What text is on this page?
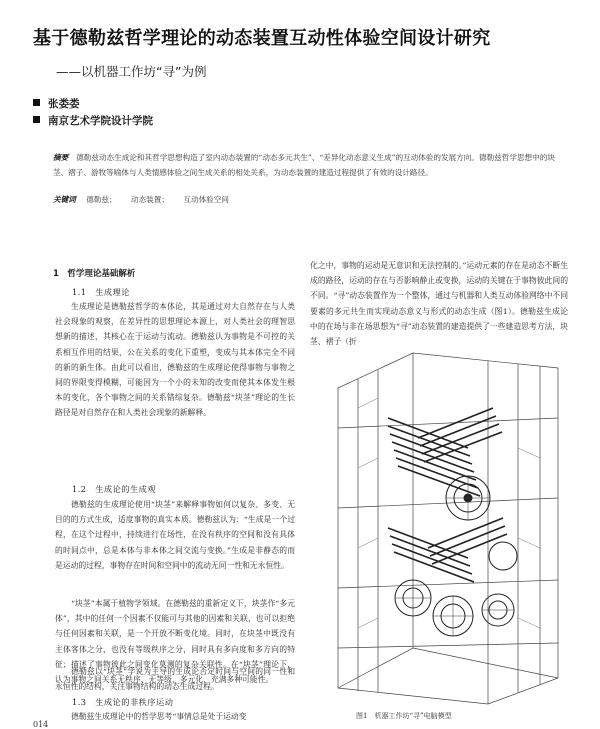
基于德勒兹哲学理论的动态装置互动性体验空间设计研究
——以机器工作坊“寻”为例
张娄娄
南京艺术学院设计学院
摘要 德勒兹动态生成论和其哲学思想构造了室内动态装置的“动态多元共生”、“差异化动态意义生成”的互动体验的发展方向。德勒兹哲学思想中的块茎、褶子、游牧等喻体与人类情感体验之间生成关系的相处关系，为动态装置的建造过程提供了有效的设计路径。
关键词 德勒兹； 动态装置； 互动体验空间
1　哲学理论基础解析
1.1　生成理论
生成理论是德勒兹哲学的本体论，其是通过对大自然存在与人类社会现象的观察，在差异性的思想理论本源上，对人类社会的理智思想新的描述，其核心在于运动与流动。德勒兹认为事物是不可控的关系相互作用的结果，公在关系的变化下重塑，变成与其本体完全不同的新的新生体。由此可以看出，德勒兹的生成理论使得事物与事物之间的界限变得模糊，可能因为一个小的未知的改变而使其本体发生根本的变化，各个事物之间的关系错综复杂。德勒兹“块茎”理论的生长路径是对自然存在和人类社会现象的新解释。
1.2　生成论的生成观
德勒兹的生成理论使用“块茎”来解释事物如何以复杂、多变、无目的的方式生成，适度事物的真实本质。德勒兹认为：“生成是一个过程，在这个过程中，持续进行在场性，在没有秩序的空间和没有具体的时间点中，总是本体与非本体之间交流与变换。”生成是非静态的而是运动的过程，事物存在时间和空间中的流动无同一性和无永恒性。
“块茎”本属于植物学领域。在德勒兹的重新定义下，块茎作“多元体”，其中的任何一个因素不仅能可与其他的因素和关联，也可以拒绝与任何因素和关联，是一个开放不断变化境。同时，在块茎中既没有主体客体之分，也没有等级秩序之分，同时具有多向度和多方向的特征；描述了事物彼此之间变化莫测的复杂关联性。在“块茎”理论下，认为事物之间关系无秩序、无等级、多元化、充满多种可能性。
德勒兹以“块茎”学说为主导的生成论否定时间与空间的同一性和永恒性的结构，关注事物结构的动态生成过程。
化之中，事物的运动是无意识和无法控制的。”运动元素的存在是动态不断生成的路径，运动的存在与否影响静止或变换，运动的关键在于事物彼此间的不同。“寻”动态装置作为一个整体，通过与机器和人类互动体验网络中不同要素的多元共生而实现动态意义与形式的动态生成（图1）。德勒兹生成论中的在场与非在场思想为“寻”动态装置的建造提供了一些建造思考方法，块茎、褶子（折
图1　机器工作坊“寻”电脑模型
1.3　生成论的非秩序运动
德勒兹生成理论中的哲学思考“事情总是处于运动变
014
